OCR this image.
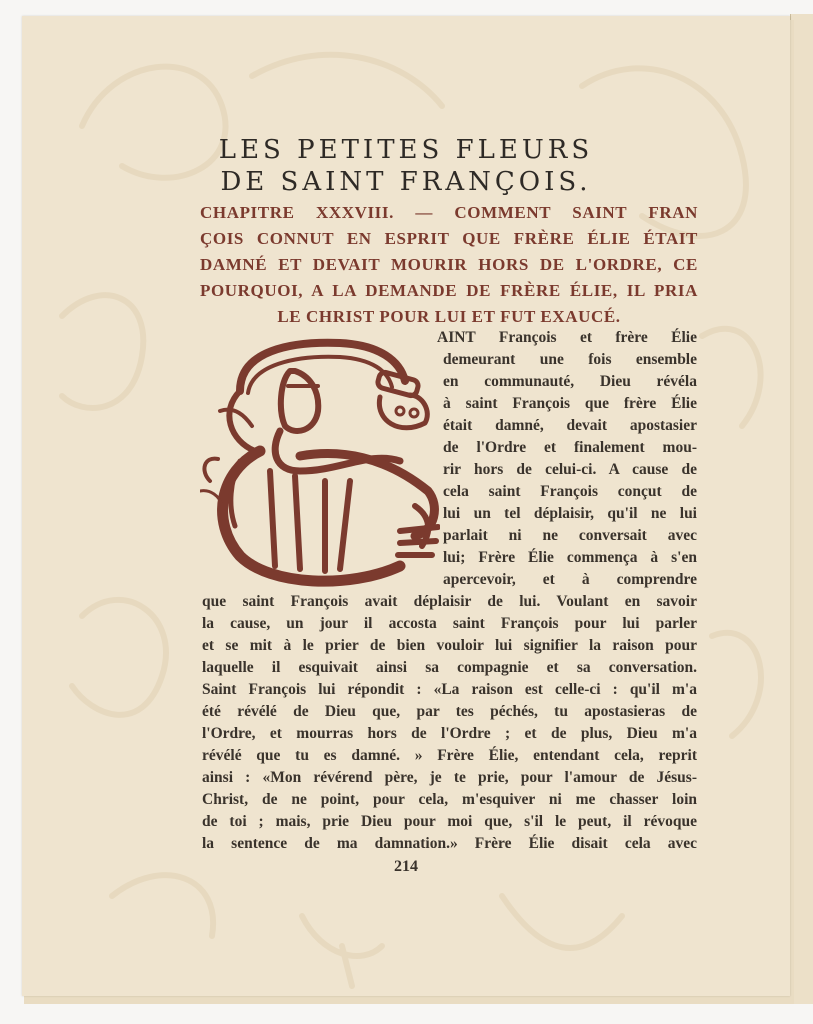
LES PETITES FLEURS
DE SAINT FRANÇOIS.
CHAPITRE XXXVIII. — COMMENT SAINT FRAN
ÇOIS CONNUT EN ESPRIT QUE FRÈRE ÉLIE ÉTAIT
DAMNÉ ET DEVAIT MOURIR HORS DE L'ORDRE, CE
POURQUOI, A LA DEMANDE DE FRÈRE ÉLIE, IL PRIA
LE CHRIST POUR LUI ET FUT EXAUCÉ.
AINT François et frère Élie
demeurant une fois ensemble
en communauté, Dieu révéla
à saint François que frère Élie
était damné, devait apostasier
de l'Ordre et finalement mou-
rir hors de celui-ci. A cause de
cela saint François conçut de
lui un tel déplaisir, qu'il ne lui
parlait ni ne conversait avec
lui; Frère Élie commença à s'en
apercevoir, et à comprendre
que saint François avait déplaisir de lui. Voulant en savoir
la cause, un jour il accosta saint François pour lui parler
et se mit à le prier de bien vouloir lui signifier la raison pour
laquelle il esquivait ainsi sa compagnie et sa conversation.
Saint François lui répondit : «La raison est celle-ci : qu'il m'a
été révélé de Dieu que, par tes péchés, tu apostasieras de
l'Ordre, et mourras hors de l'Ordre ; et de plus, Dieu m'a
révélé que tu es damné. » Frère Élie, entendant cela, reprit
ainsi : «Mon révérend père, je te prie, pour l'amour de Jésus-
Christ, de ne point, pour cela, m'esquiver ni me chasser loin
de toi ; mais, prie Dieu pour moi que, s'il le peut, il révoque
la sentence de ma damnation.» Frère Élie disait cela avec
214
